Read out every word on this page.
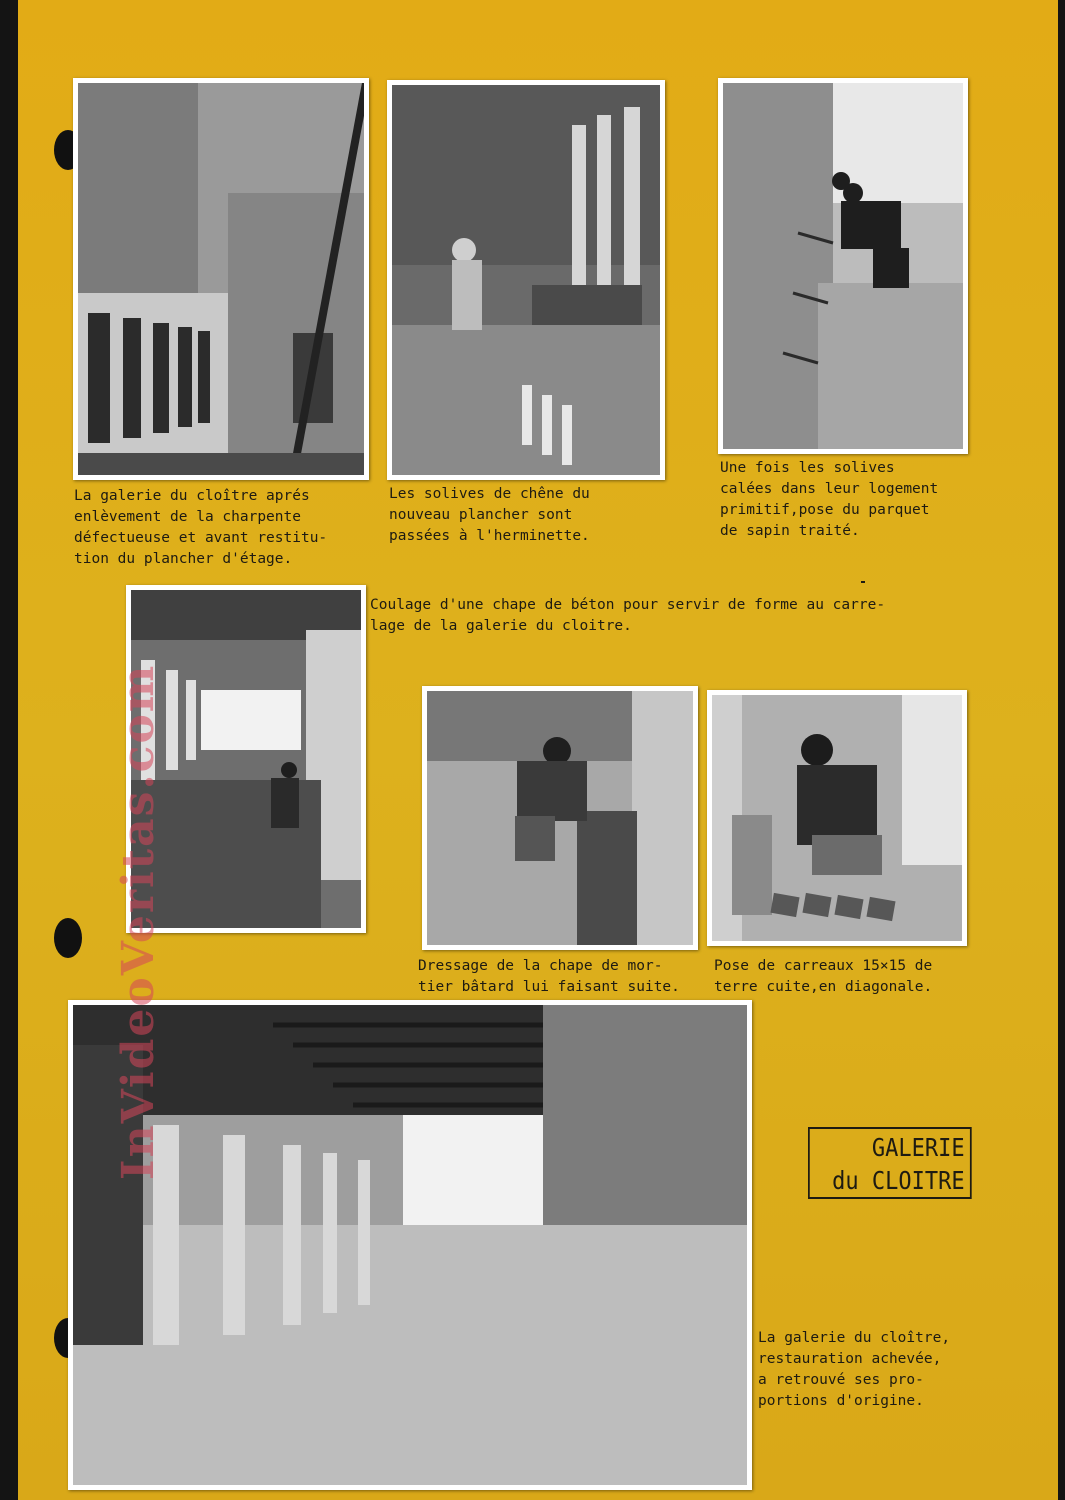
La galerie du cloître aprés
enlèvement de la charpente
défectueuse et avant restitu-
tion du plancher d'étage.
Les solives de chêne du
nouveau plancher sont
passées à l'herminette.
Une fois les solives
calées dans leur logement
primitif,pose du parquet
de sapin traité.
Coulage d'une chape de béton pour servir de forme au carre-
lage de la galerie du cloitre.
Dressage de la chape de mor-
tier bâtard lui faisant suite.
Pose de carreaux 15×15 de
terre cuite,en diagonale.
GALERIE
du CLOITRE
La galerie du cloître,
restauration achevée,
a retrouvé ses pro-
portions d'origine.
InVideoVeritas.com
